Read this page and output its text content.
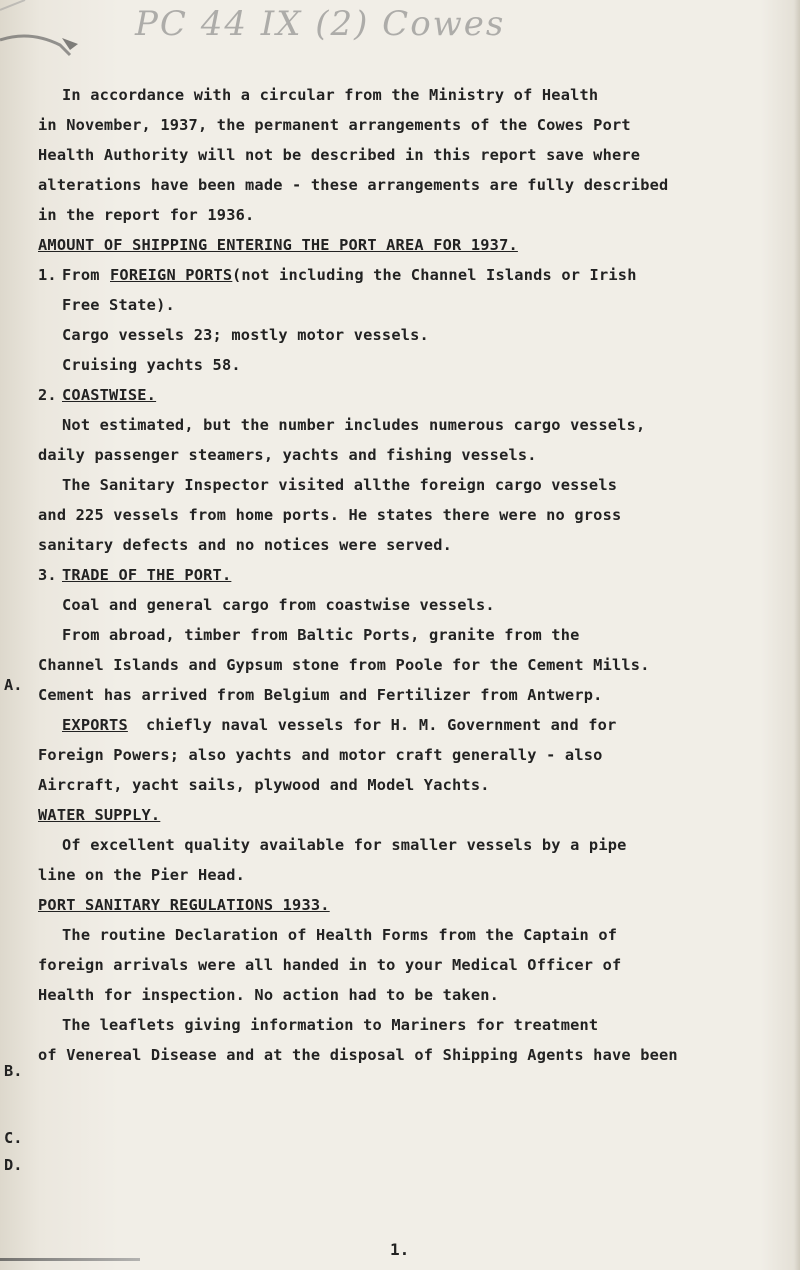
PC 44 IX (2) Cowes
A.
B.
C.
D.
In accordance with a circular from the Ministry of Health
in November, 1937, the permanent arrangements of the Cowes Port
Health Authority will not be described in this report save where
alterations have been made - these arrangements are fully described
in the report for 1936.
AMOUNT OF SHIPPING ENTERING THE PORT AREA FOR 1937.
1. From FOREIGN PORTS (not including the Channel Islands or Irish
Free State).
Cargo vessels 23; mostly motor vessels.
Cruising yachts 58.
2. COASTWISE.
Not estimated, but the number includes numerous cargo vessels,
daily passenger steamers, yachts and fishing vessels.
The Sanitary Inspector visited allthe foreign cargo vessels
and 225 vessels from home ports. He states there were no gross
sanitary defects and no notices were served.
3. TRADE OF THE PORT.
Coal and general cargo from coastwise vessels.
From abroad, timber from Baltic Ports, granite from the
Channel Islands and Gypsum stone from Poole for the Cement Mills.
Cement has arrived from Belgium and Fertilizer from Antwerp.
EXPORTS chiefly naval vessels for H. M. Government and for
Foreign Powers; also yachts and motor craft generally - also
Aircraft, yacht sails, plywood and Model Yachts.
WATER SUPPLY.
Of excellent quality available for smaller vessels by a pipe
line on the Pier Head.
PORT SANITARY REGULATIONS 1933.
The routine Declaration of Health Forms from the Captain of
foreign arrivals were all handed in to your Medical Officer of
Health for inspection. No action had to be taken.
The leaflets giving information to Mariners for treatment
of Venereal Disease and at the disposal of Shipping Agents have been
1.
